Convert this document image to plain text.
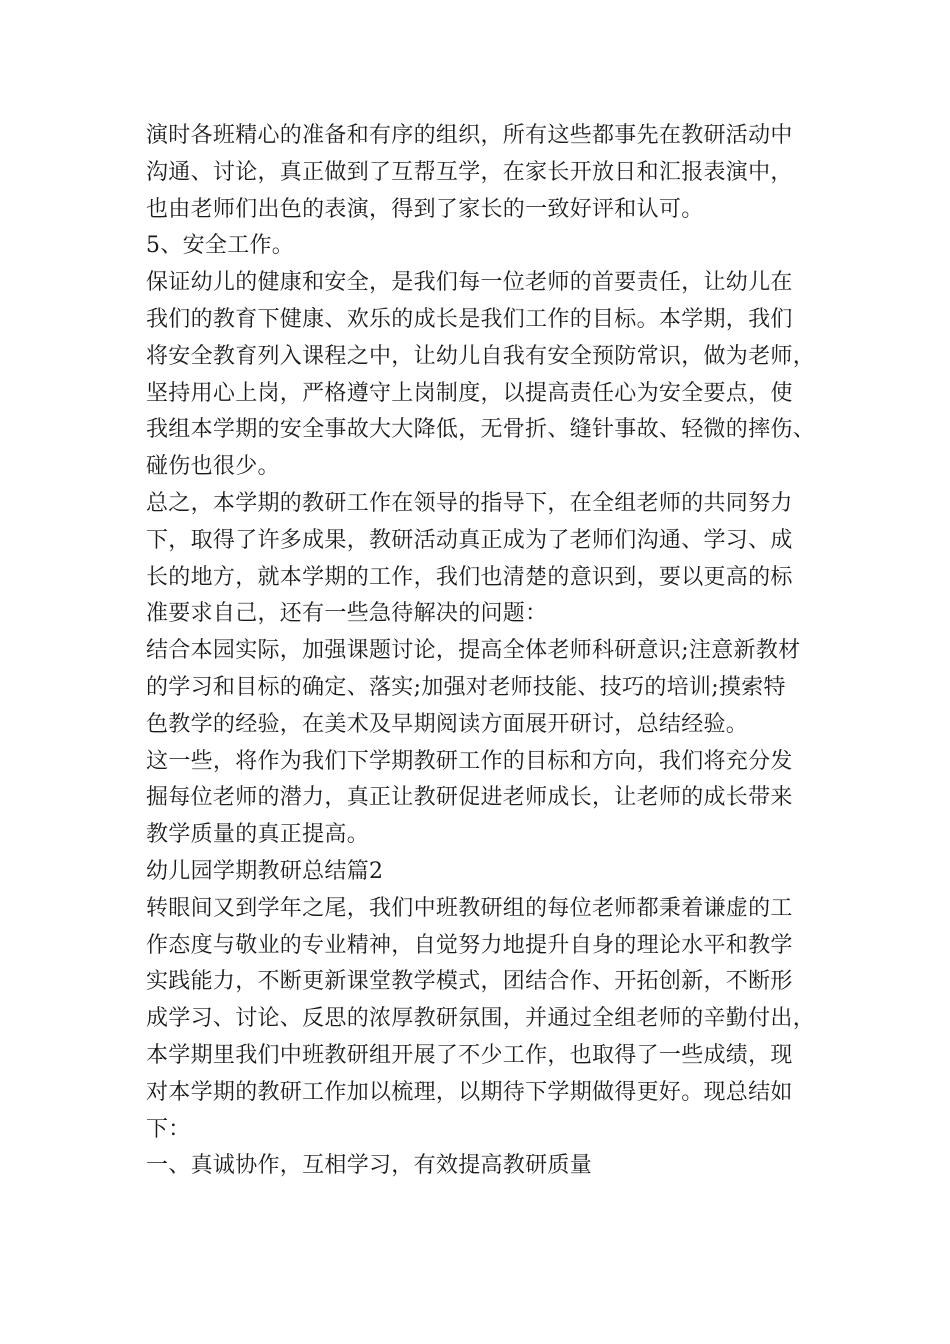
演时各班精心的准备和有序的组织，所有这些都事先在教研活动中
沟通、讨论，真正做到了互帮互学，在家长开放日和汇报表演中，
也由老师们出色的表演，得到了家长的一致好评和认可。
5、安全工作。
保证幼儿的健康和安全，是我们每一位老师的首要责任，让幼儿在
我们的教育下健康、欢乐的成长是我们工作的目标。本学期，我们
将安全教育列入课程之中，让幼儿自我有安全预防常识，做为老师，
坚持用心上岗，严格遵守上岗制度，以提高责任心为安全要点，使
我组本学期的安全事故大大降低，无骨折、缝针事故、轻微的摔伤、
碰伤也很少。
总之，本学期的教研工作在领导的指导下，在全组老师的共同努力
下，取得了许多成果，教研活动真正成为了老师们沟通、学习、成
长的地方，就本学期的工作，我们也清楚的意识到，要以更高的标
准要求自己，还有一些急待解决的问题：
结合本园实际，加强课题讨论，提高全体老师科研意识;注意新教材
的学习和目标的确定、落实;加强对老师技能、技巧的培训;摸索特
色教学的经验，在美术及早期阅读方面展开研讨，总结经验。
这一些，将作为我们下学期教研工作的目标和方向，我们将充分发
掘每位老师的潜力，真正让教研促进老师成长，让老师的成长带来
教学质量的真正提高。
幼儿园学期教研总结篇2
转眼间又到学年之尾，我们中班教研组的每位老师都秉着谦虚的工
作态度与敬业的专业精神，自觉努力地提升自身的理论水平和教学
实践能力，不断更新课堂教学模式，团结合作、开拓创新，不断形
成学习、讨论、反思的浓厚教研氛围，并通过全组老师的辛勤付出，
本学期里我们中班教研组开展了不少工作，也取得了一些成绩，现
对本学期的教研工作加以梳理，以期待下学期做得更好。现总结如
下：
一、真诚协作，互相学习，有效提高教研质量
